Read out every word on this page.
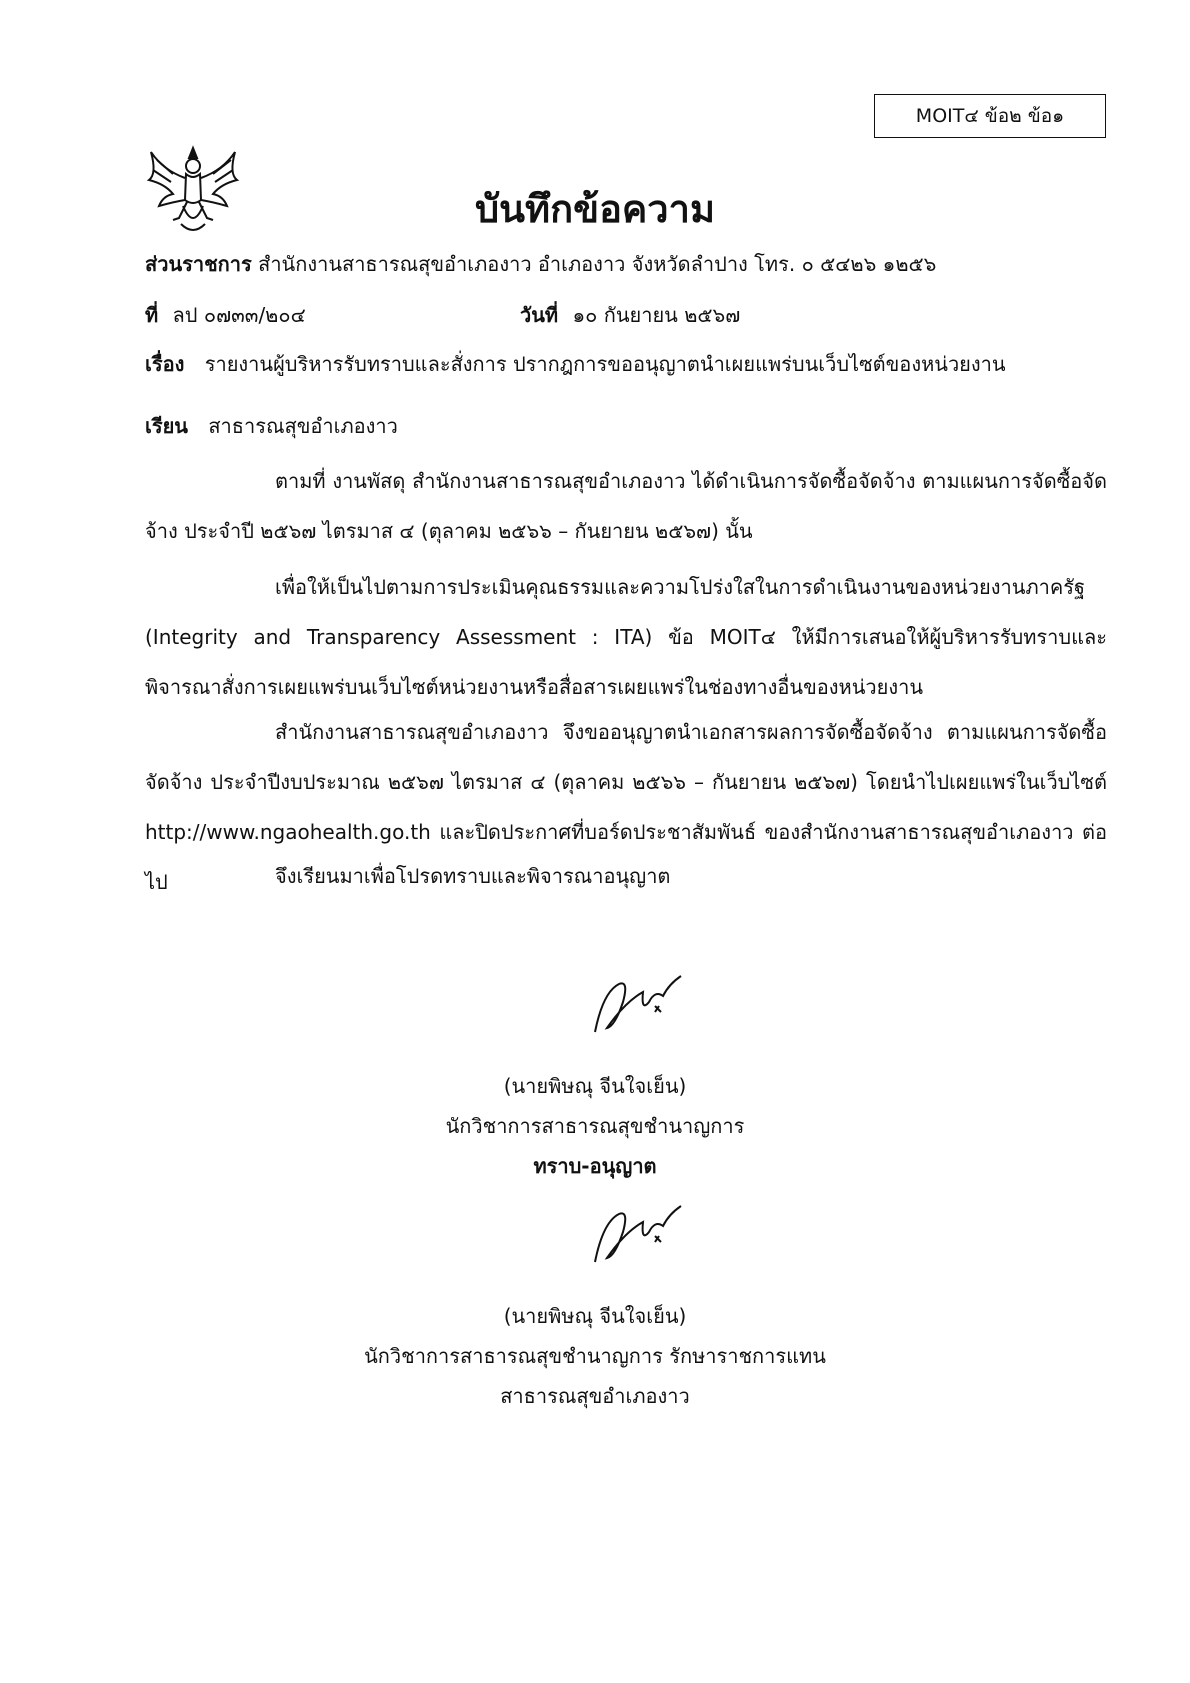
MOIT๔ ข้อ๒ ข้อ๑
บันทึกข้อความ
ส่วนราชการ สำนักงานสาธารณสุขอำเภองาว อำเภองาว จังหวัดลำปาง โทร. ๐ ๕๔๒๖ ๑๒๕๖
ที่ ลป ๐๗๓๓/๒๐๔	วันที่ ๑๐ กันยายน ๒๕๖๗
เรื่อง รายงานผู้บริหารรับทราบและสั่งการ ปรากฎการขออนุญาตนำเผยแพร่บนเว็บไซต์ของหน่วยงาน
เรียน สาธารณสุขอำเภองาว
ตามที่ งานพัสดุ สำนักงานสาธารณสุขอำเภองาว ได้ดำเนินการจัดซื้อจัดจ้าง ตามแผนการจัดซื้อจัดจ้าง ประจำปี ๒๕๖๗ ไตรมาส ๔ (ตุลาคม ๒๕๖๖ – กันยายน ๒๕๖๗) นั้น
เพื่อให้เป็นไปตามการประเมินคุณธรรมและความโปร่งใสในการดำเนินงานของหน่วยงานภาครัฐ (Integrity and Transparency Assessment : ITA) ข้อ MOIT๔ ให้มีการเสนอให้ผู้บริหารรับทราบและพิจารณาสั่งการเผยแพร่บนเว็บไซต์หน่วยงานหรือสื่อสารเผยแพร่ในช่องทางอื่นของหน่วยงาน
สำนักงานสาธารณสุขอำเภองาว จึงขออนุญาตนำเอกสารผลการจัดซื้อจัดจ้าง ตามแผนการจัดซื้อจัดจ้าง ประจำปีงบประมาณ ๒๕๖๗ ไตรมาส ๔ (ตุลาคม ๒๕๖๖ – กันยายน ๒๕๖๗) โดยนำไปเผยแพร่ในเว็บไซต์ http://www.ngaohealth.go.th และปิดประกาศที่บอร์ดประชาสัมพันธ์ ของสำนักงานสาธารณสุขอำเภองาว ต่อไป	จึงเรียนมาเพื่อโปรดทราบและพิจารณาอนุญาต
(นายพิษณุ จีนใจเย็น)
นักวิชาการสาธารณสุขชำนาญการ
ทราบ-อนุญาต
(นายพิษณุ จีนใจเย็น)
นักวิชาการสาธารณสุขชำนาญการ รักษาราชการแทน
สาธารณสุขอำเภองาว
